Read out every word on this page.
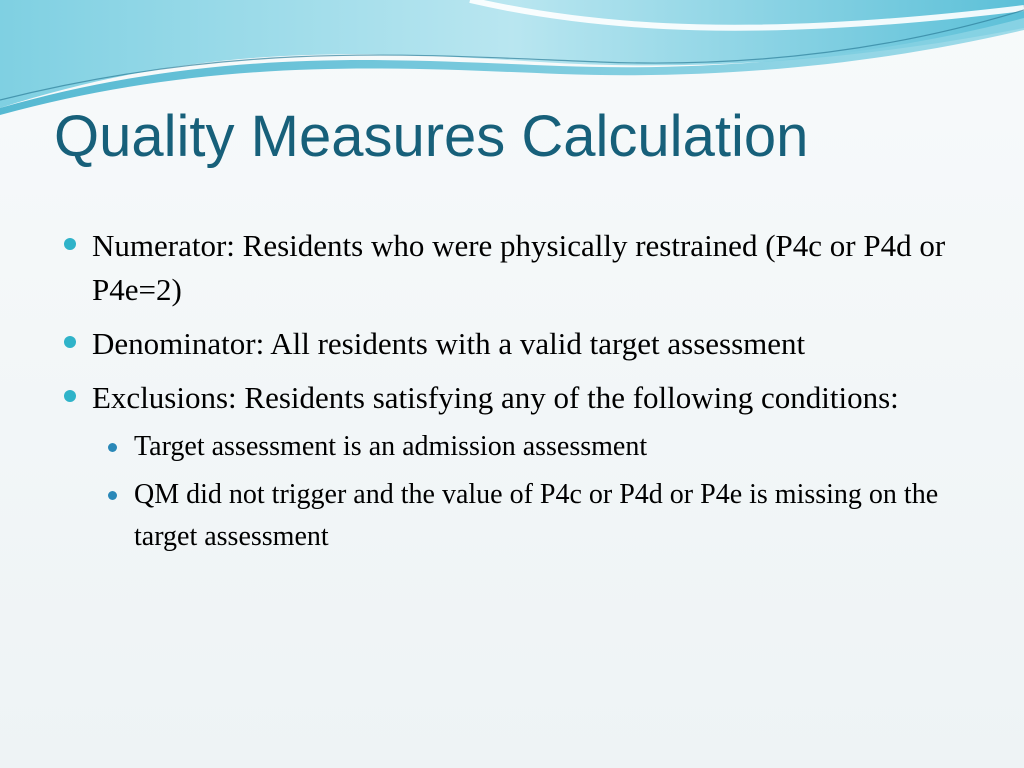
Quality Measures Calculation
Numerator: Residents who were physically restrained (P4c or P4d or P4e=2)
Denominator: All residents with a valid target assessment
Exclusions: Residents satisfying any of the following conditions:
Target assessment is an admission assessment
QM did not trigger and the value of P4c or P4d or P4e is missing on the target assessment
